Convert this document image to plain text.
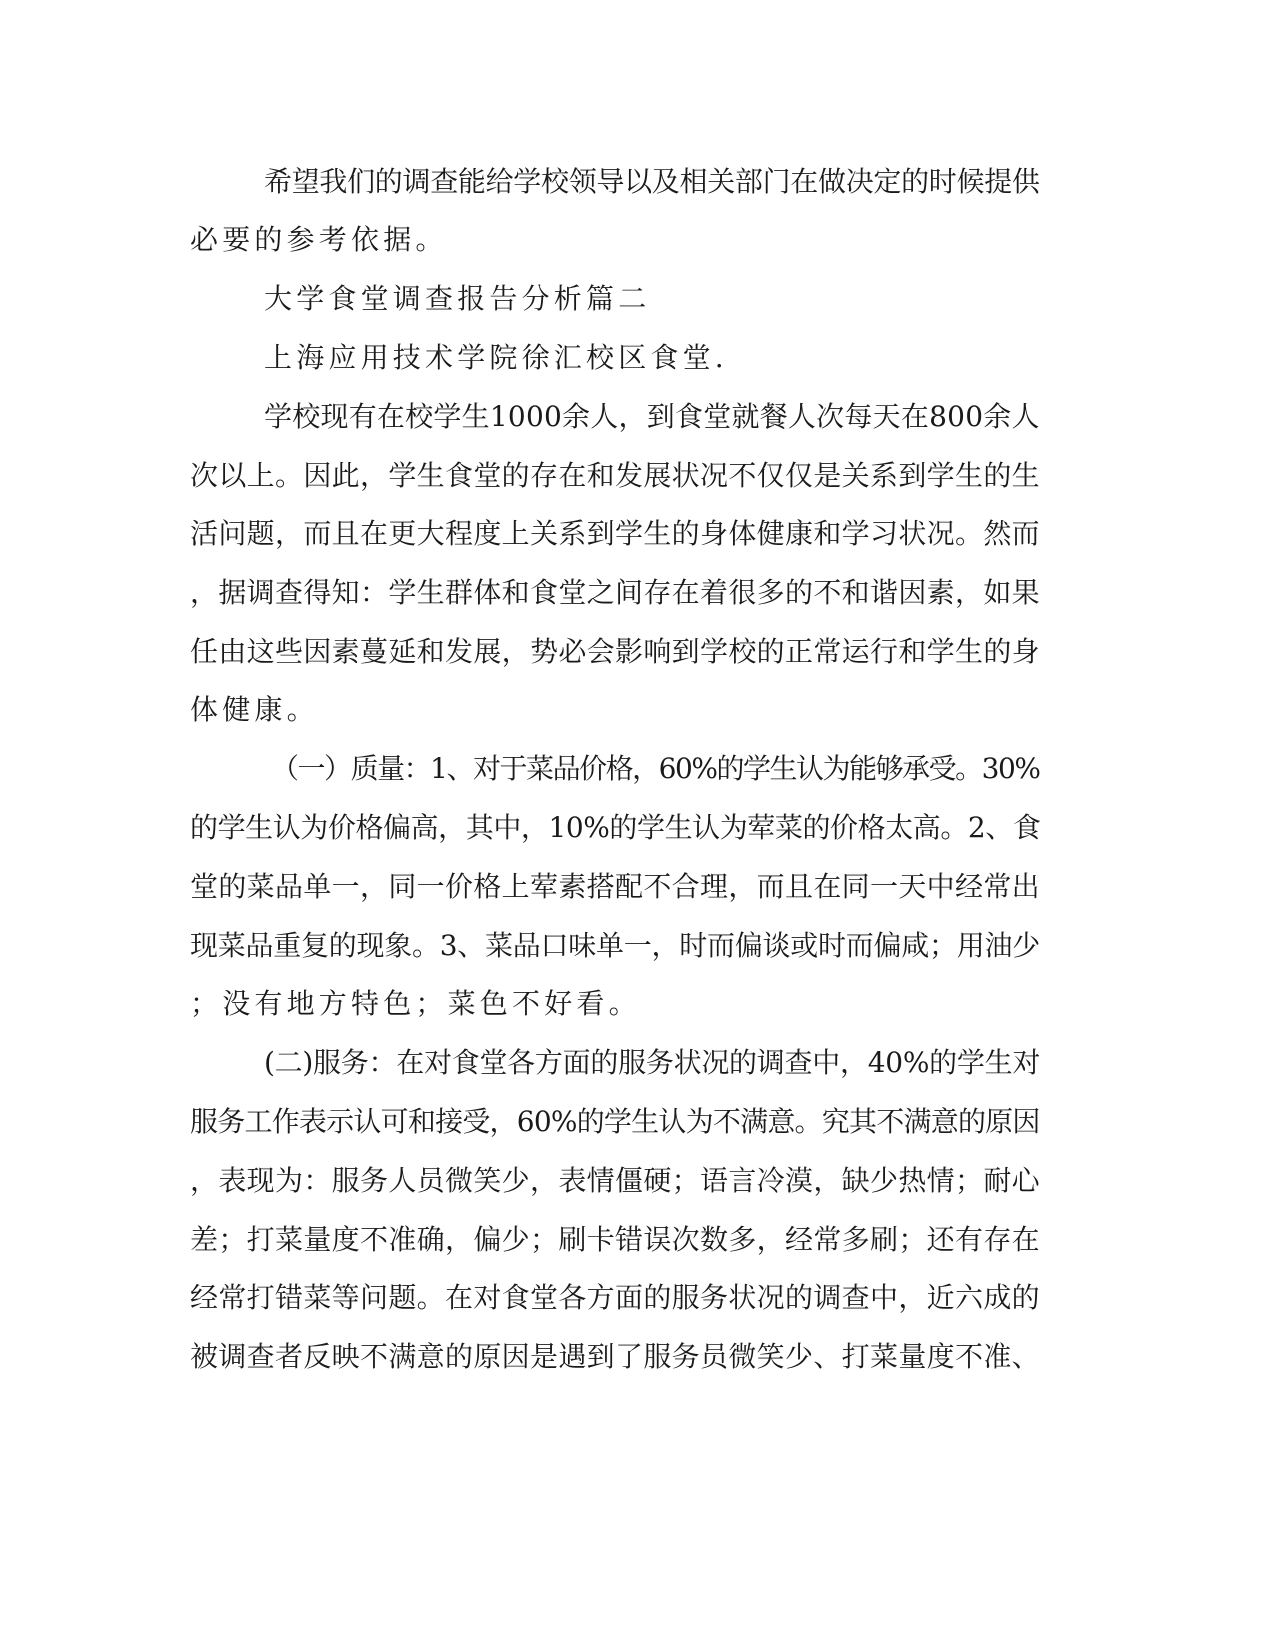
希望我们的调查能给学校领导以及相关部门在做决定的时候提供

必要的参考依据。

大学食堂调查报告分析篇二

上海应用技术学院徐汇校区食堂.

学校现有在校学生1000余人，到食堂就餐人次每天在800余人

次以上。因此，学生食堂的存在和发展状况不仅仅是关系到学生的生

活问题，而且在更大程度上关系到学生的身体健康和学习状况。然而

，据调查得知：学生群体和食堂之间存在着很多的不和谐因素，如果

任由这些因素蔓延和发展，势必会影响到学校的正常运行和学生的身

体健康。

（一）质量：1、对于菜品价格，60%的学生认为能够承受。30%

的学生认为价格偏高，其中，10%的学生认为荤菜的价格太高。2、食

堂的菜品单一，同一价格上荤素搭配不合理，而且在同一天中经常出

现菜品重复的现象。3、菜品口味单一，时而偏谈或时而偏咸；用油少

；没有地方特色；菜色不好看。

(二)服务：在对食堂各方面的服务状况的调查中，40%的学生对

服务工作表示认可和接受，60%的学生认为不满意。究其不满意的原因

，表现为：服务人员微笑少，表情僵硬；语言冷漠，缺少热情；耐心

差；打菜量度不准确，偏少；刷卡错误次数多，经常多刷；还有存在

经常打错菜等问题。在对食堂各方面的服务状况的调查中，近六成的

被调查者反映不满意的原因是遇到了服务员微笑少、打菜量度不准、
